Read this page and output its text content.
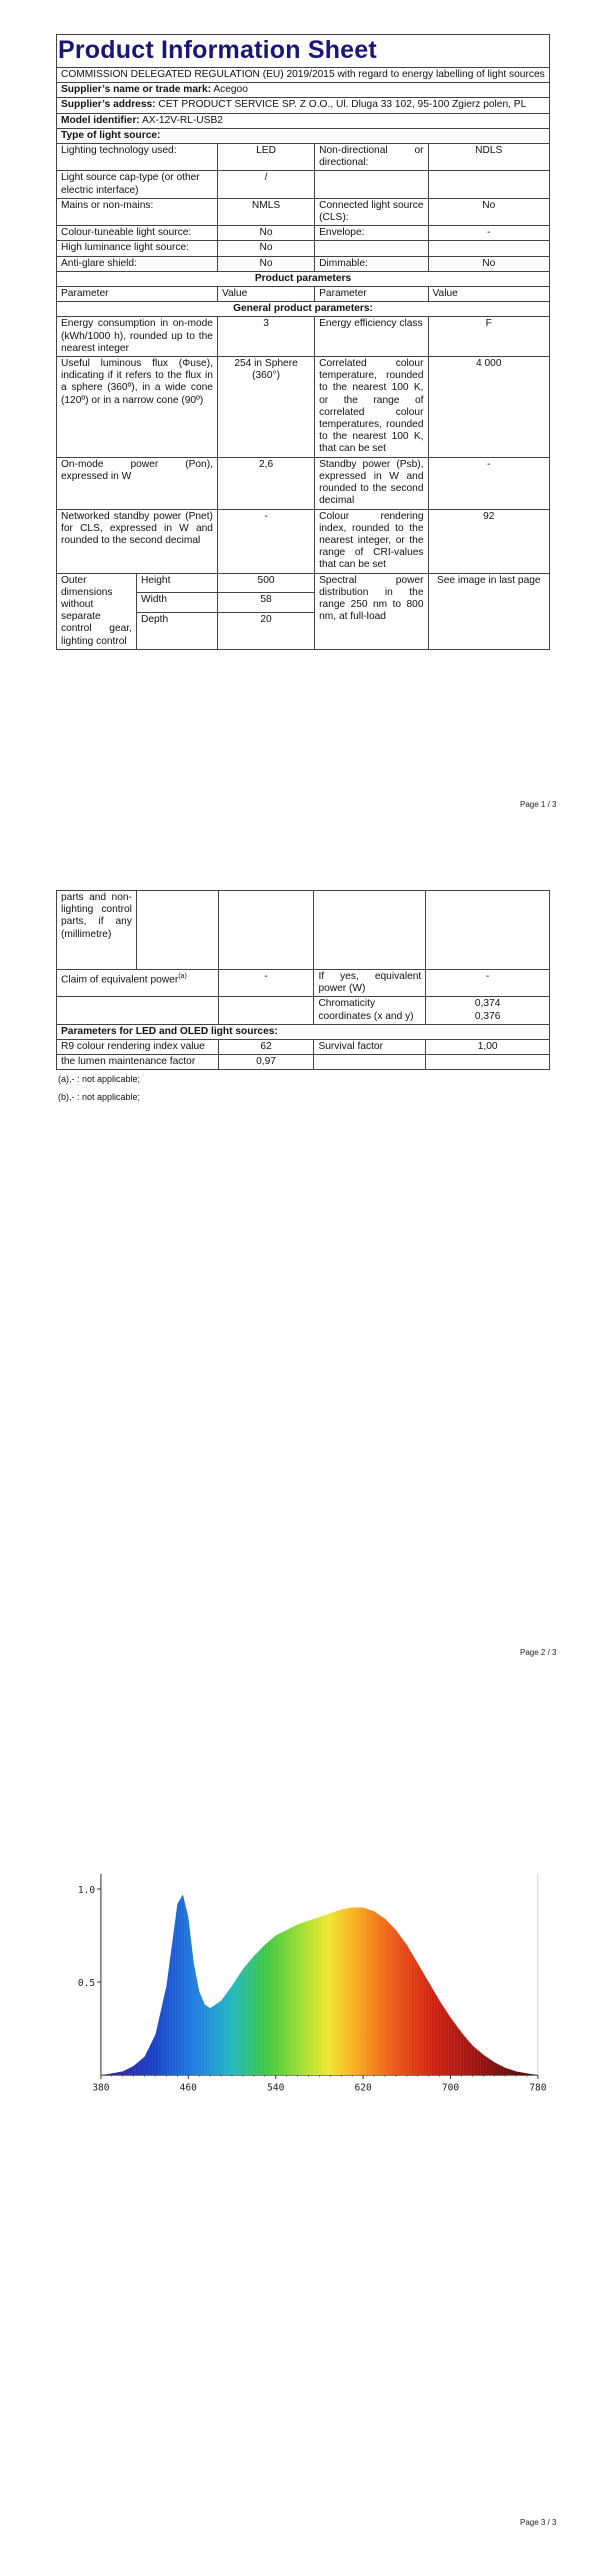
Product Information Sheet

COMMISSION DELEGATED REGULATION (EU) 2019/2015 with regard to energy labelling of light sources				
Supplier’s name or trade mark: Acegoo				
Supplier’s address: CET PRODUCT SERVICE SP. Z O.O., Ul. Dluga 33 102, 95-100 Zgierz polen, PL				
Model identifier: AX-12V-RL-USB2				
Type of light source:				
Lighting technology used:		LED	Non-directional or directional:	NDLS
Light source cap-type (or other electric interface)		/		
Mains or non-mains:		NMLS	Connected light source (CLS):	No
Colour-tuneable light source:		No	Envelope:	-
High luminance light source:		No		
Anti-glare shield:		No	Dimmable:	No
Product parameters				
Parameter		Value	Parameter	Value
General product parameters:				
Energy consumption in on-mode (kWh/1000 h), rounded up to the nearest integer		3	Energy efficiency class	F
Useful luminous flux (Φuse), indicating if it refers to the flux in a sphere (360º), in a wide cone (120º) or in a narrow cone (90º)		254 in Sphere (360°)	Correlated colour temperature, rounded to the nearest 100 K, or the range of correlated colour temperatures, rounded to the nearest 100 K, that can be set	4 000
On-mode power (Pon), expressed in W		2,6	Standby power (Psb), expressed in W and rounded to the second decimal	-
Networked standby power (Pnet) for CLS, expressed in W and rounded to the second decimal		-	Colour rendering index, rounded to the nearest integer, or the range of CRI-values that can be set	92
Outer dimensions without separate control gear, lighting control	Height	500	Spectral power distribution in the range 250 nm to 800 nm, at full-load	See image in last page
	Width	58		
	Depth	20		
Page 1 / 3
parts and non-lighting control parts, if any (millimetre)				
Claim of equivalent power$^{(a)}$		-	If yes, equivalent power (W)	-
			Chromaticity coordinates (x and y)	0,374
0,376

Parameters for LED and OLED light sources:				
R9 colour rendering index value		62	Survival factor	1,00
the lumen maintenance factor		0,97		
(a),- : not applicable;
(b),- : not applicable;
Page 2 / 3
380	460	540	620	700	780
1.0
0.5
Page 3 / 3
